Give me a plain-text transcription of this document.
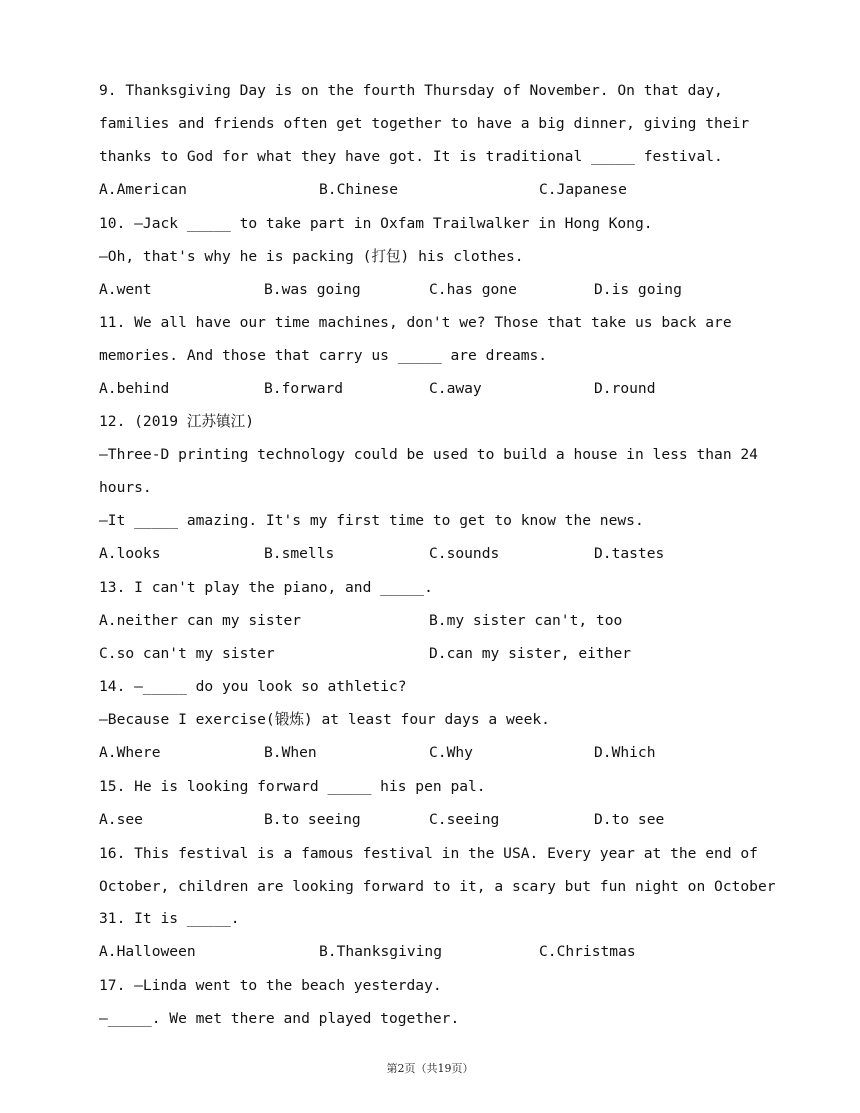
9. Thanksgiving Day is on the fourth Thursday of November. On that day,
families and friends often get together to have a big dinner, giving their
thanks to God for what they have got. It is traditional _____ festival.
A.American	B.Chinese	C.Japanese
10. —Jack _____ to take part in Oxfam Trailwalker in Hong Kong.
—Oh, that's why he is packing (打包) his clothes.
A.went	B.was going	C.has gone	D.is going
11. We all have our time machines, don't we? Those that take us back are
memories. And those that carry us _____ are dreams.
A.behind	B.forward	C.away	D.round
12. (2019 江苏镇江)
—Three-D printing technology could be used to build a house in less than 24
hours.
—It _____ amazing. It's my first time to get to know the news.
A.looks	B.smells	C.sounds	D.tastes
13. I can't play the piano, and _____.
A.neither can my sister	B.my sister can't, too
C.so can't my sister	D.can my sister, either
14. —_____ do you look so athletic?
—Because I exercise(锻炼) at least four days a week.
A.Where	B.When	C.Why	D.Which
15. He is looking forward _____ his pen pal.
A.see	B.to seeing	C.seeing	D.to see
16. This festival is a famous festival in the USA. Every year at the end of
October, children are looking forward to it, a scary but fun night on October
31. It is _____.
A.Halloween	B.Thanksgiving	C.Christmas
17. —Linda went to the beach yesterday.
—_____. We met there and played together.
第2页（共19页）
